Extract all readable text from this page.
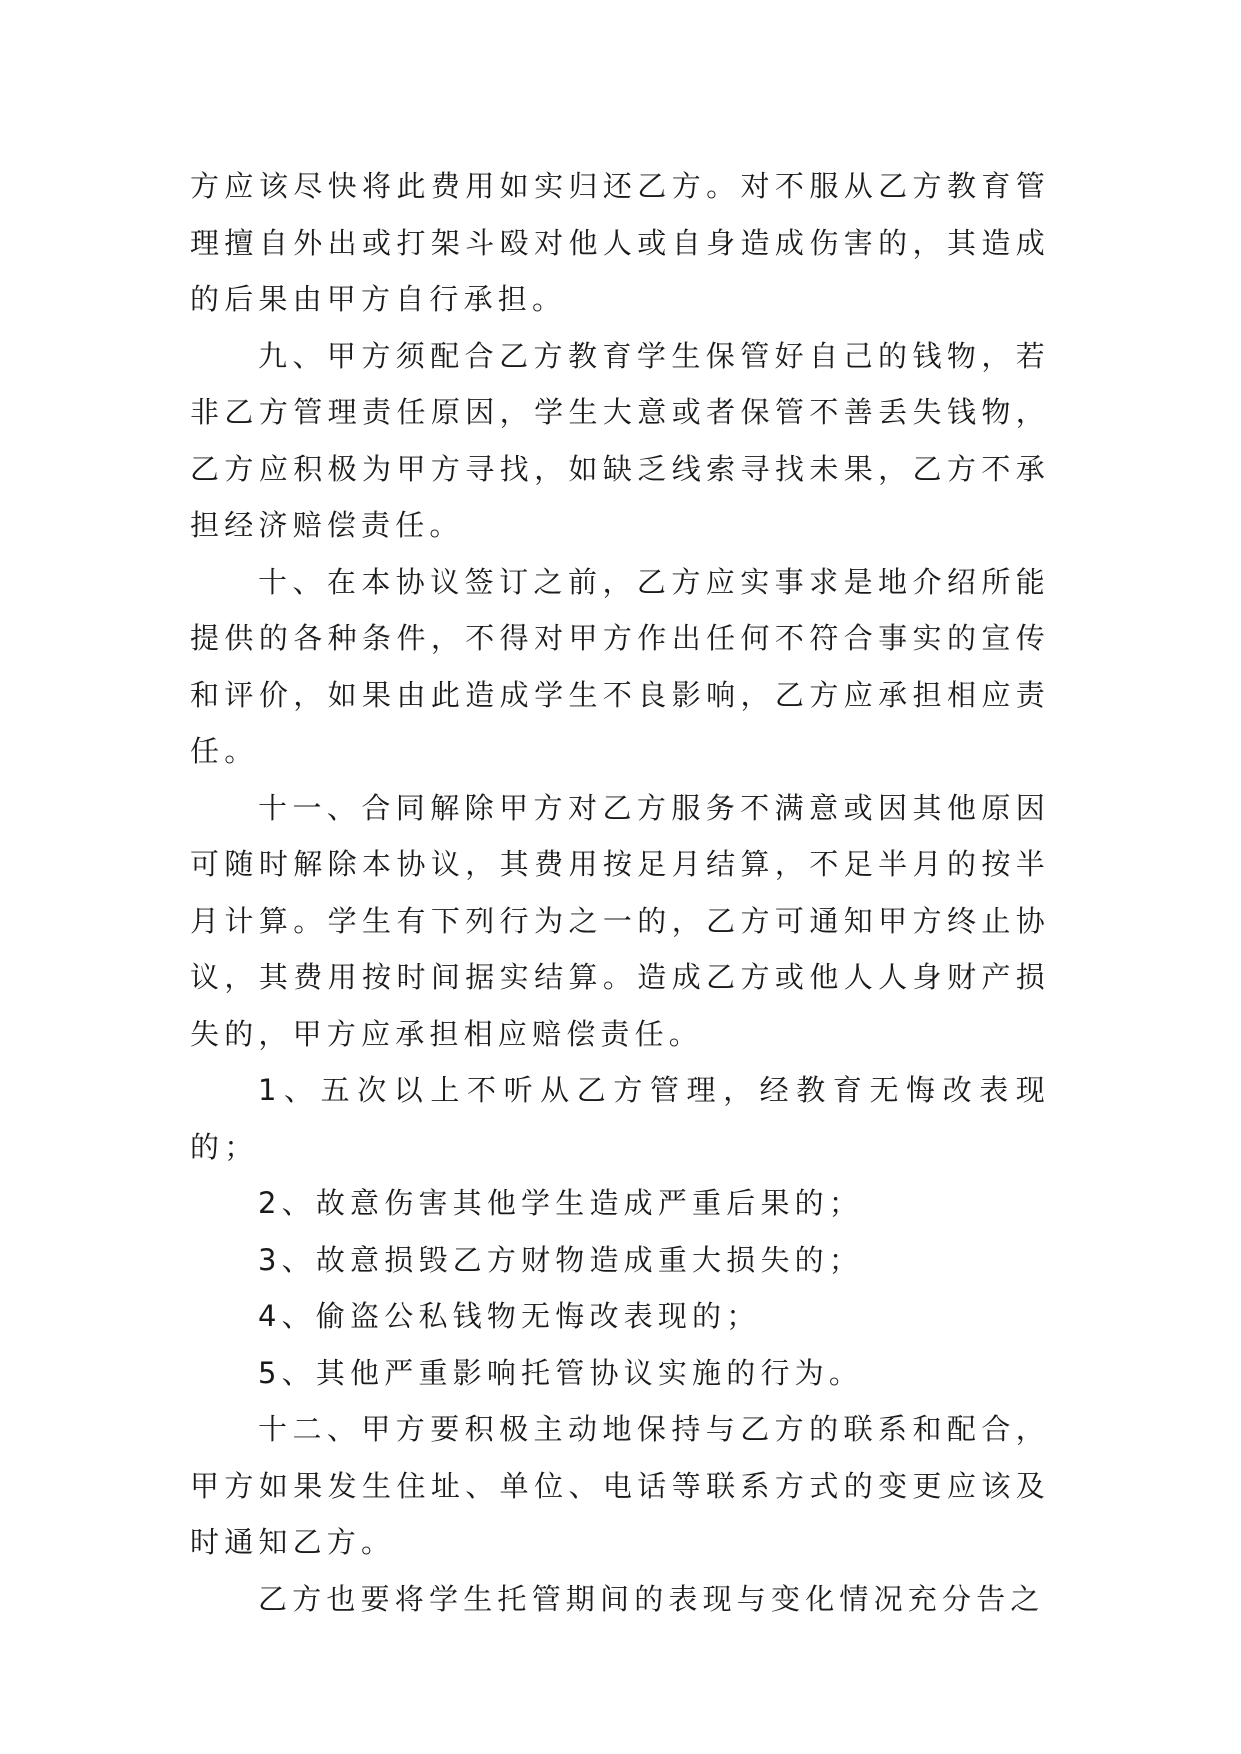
方应该尽快将此费用如实归还乙方。对不服从乙方教育管理擅自外出或打架斗殴对他人或自身造成伤害的，其造成的后果由甲方自行承担。

九、甲方须配合乙方教育学生保管好自己的钱物，若非乙方管理责任原因，学生大意或者保管不善丢失钱物，乙方应积极为甲方寻找，如缺乏线索寻找未果，乙方不承担经济赔偿责任。

十、在本协议签订之前，乙方应实事求是地介绍所能提供的各种条件，不得对甲方作出任何不符合事实的宣传和评价，如果由此造成学生不良影响，乙方应承担相应责任。

十一、合同解除甲方对乙方服务不满意或因其他原因可随时解除本协议，其费用按足月结算，不足半月的按半月计算。学生有下列行为之一的，乙方可通知甲方终止协议，其费用按时间据实结算。造成乙方或他人人身财产损失的，甲方应承担相应赔偿责任。

1、五次以上不听从乙方管理，经教育无悔改表现的；

2、故意伤害其他学生造成严重后果的；

3、故意损毁乙方财物造成重大损失的；

4、偷盗公私钱物无悔改表现的；

5、其他严重影响托管协议实施的行为。

十二、甲方要积极主动地保持与乙方的联系和配合，甲方如果发生住址、单位、电话等联系方式的变更应该及时通知乙方。

乙方也要将学生托管期间的表现与变化情况充分告之
